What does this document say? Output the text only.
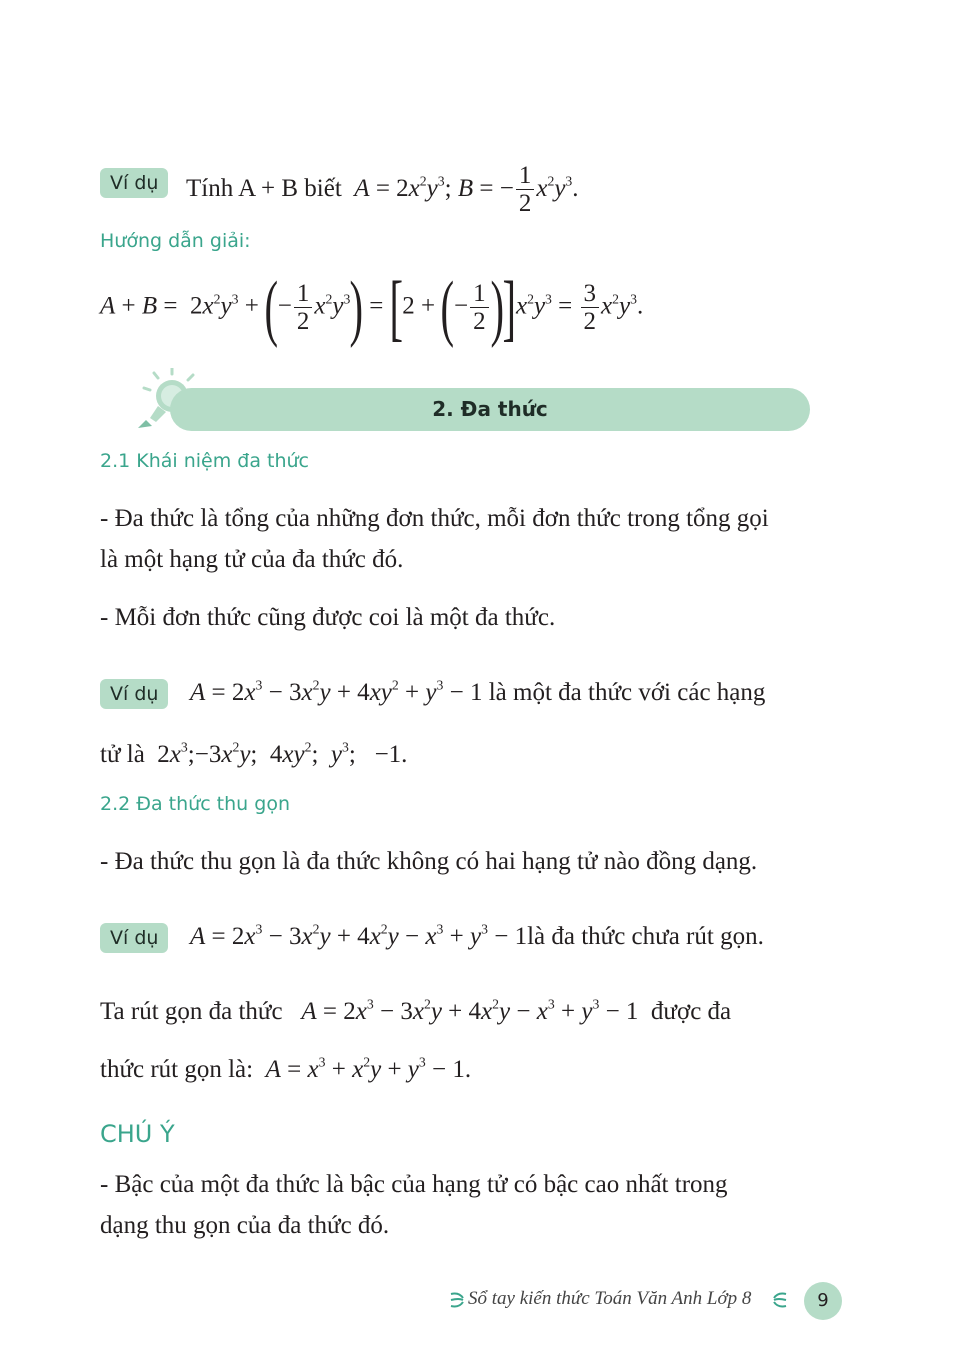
Ví dụ	Tính A + B biết $A = 2x^2y^3$; B = − $\frac{1}{2} x^2y^3$.
Hướng dẫn giải:
$A + B = 2x^2y^3$ + (− $\frac{1}{2} x^2y^3) = [2$ + (− $\frac{1}{2} )]x^2y^3 = \frac{3}{2} x^2y^3$.
2. Đa thức
2.1 Khái niệm đa thức
- Đa thức là tổng của những đơn thức, mỗi đơn thức trong tổng gọi
là một hạng tử của đa thức đó.
- Mỗi đơn thức cũng được coi là một đa thức.
Ví dụ	$A = 2x^3 - 3x^2y + 4xy^2 + y^3 - 1$ là một đa thức với các hạng
tử là  $2x^3;-3x^2y$;  $4xy^2$;  $y^3$;   −1.
2.2 Đa thức thu gọn
- Đa thức thu gọn là đa thức không có hai hạng tử nào đồng dạng.
Ví dụ	$A = 2x^3 - 3x^2y + 4x^2y - x^3 + y^3$ − 1là đa thức chưa rút gọn.
Ta rút gọn đa thức $A = 2x^3 - 3x^2y + 4x^2y - x^3 + y^3 - 1$  được đa
thức rút gọn là: $A = x^3 + x^2y + y^3 - 1$.
CHÚ Ý
- Bậc của một đa thức là bậc của hạng tử có bậc cao nhất trong
dạng thu gọn của đa thức đó.
Sổ tay kiến thức Toán Văn Anh Lớp 8	9
